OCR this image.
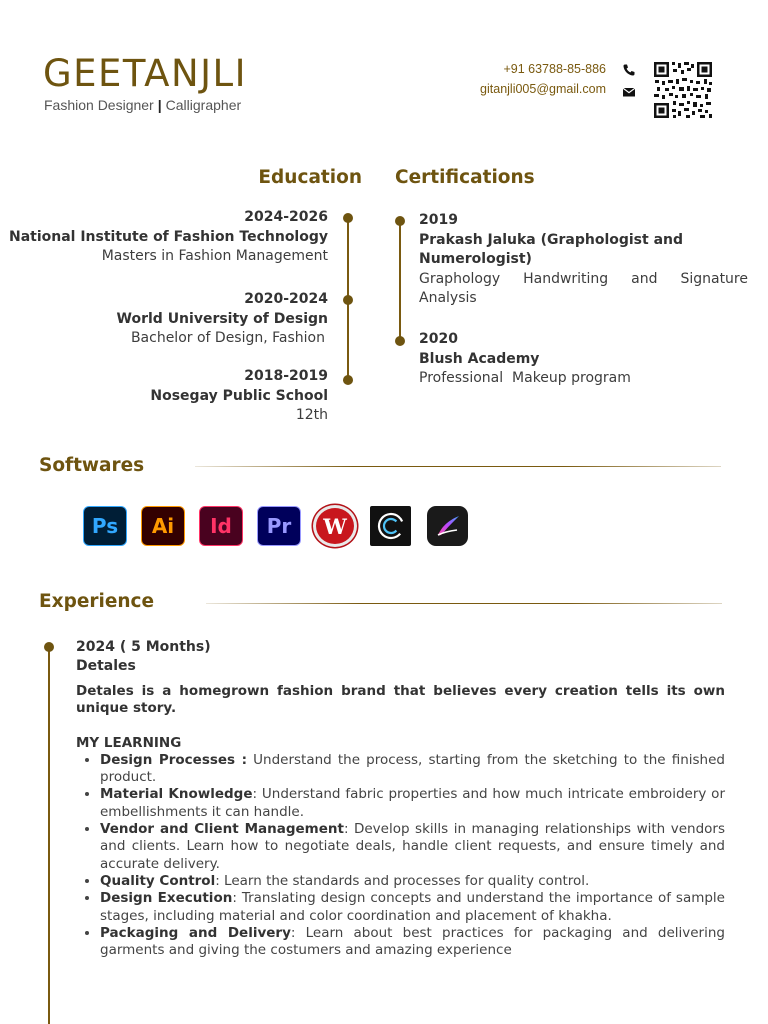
GEETANJLI
Fashion Designer | Calligrapher
+91 63788-85-886
gitanjli005@gmail.com
Education Certifications
2024-2026
National Institute of Fashion Technology
Masters in Fashion Management
2020-2024
World University of Design
Bachelor of Design, Fashion
2018-2019
Nosegay Public School
12th
2019
Prakash Jaluka (Graphologist and Numerologist)
Graphology Handwriting and Signature Analysis
2020
Blush Academy
Professional  Makeup program
Softwares
Ps Ai Id Pr W
Experience
2024 ( 5 Months)
Detales
Detales is a homegrown fashion brand that believes every creation tells its own unique story.
MY LEARNING
• Design Processes : Understand the process, starting from the sketching to the finished product.
• Material Knowledge: Understand fabric properties and how much intricate embroidery or embellishments it can handle.
• Vendor and Client Management: Develop skills in managing relationships with vendors and clients. Learn how to negotiate deals, handle client requests, and ensure timely and accurate delivery.
• Quality Control: Learn the standards and processes for quality control.
• Design Execution: Translating design concepts and understand the importance of sample stages, including material and color coordination and placement of khakha.
• Packaging and Delivery: Learn about best practices for packaging and delivering garments and giving the costumers and amazing experience
